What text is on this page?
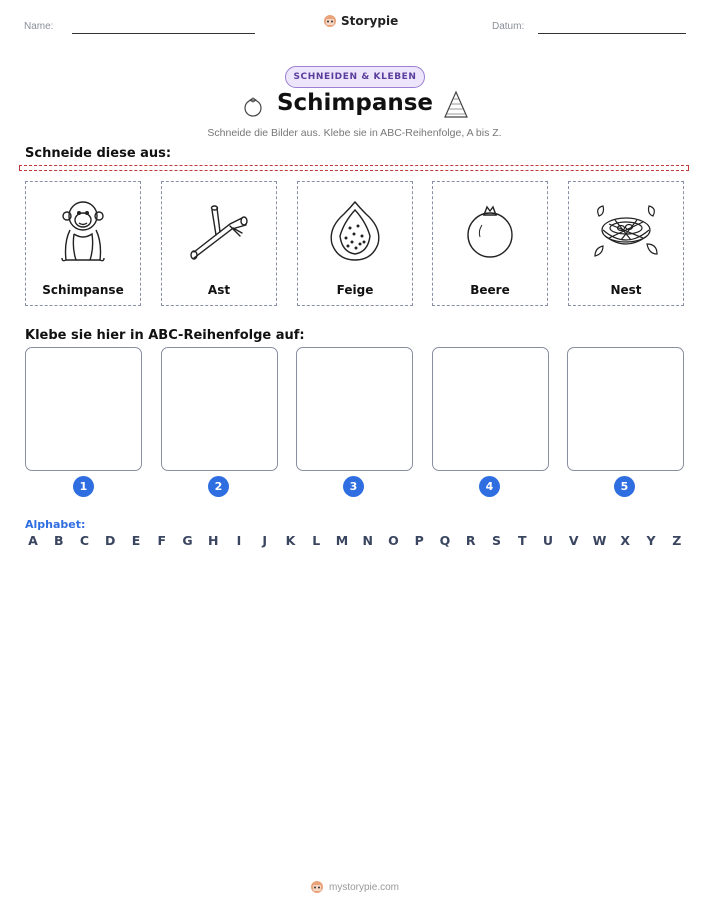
Name:	Storypie	Datum:
SCHNEIDEN & KLEBEN
Schimpanse
Schneide die Bilder aus. Klebe sie in ABC-Reihenfolge, A bis Z.
Schneide diese aus:
Schimpanse	Ast	Feige	Beere	Nest
Klebe sie hier in ABC-Reihenfolge auf:
1	2	3	4	5
Alphabet:
A B C D E F G H	I	J	K	L	M N O P Q R S T U V W X Y Z
mystorypie.com
